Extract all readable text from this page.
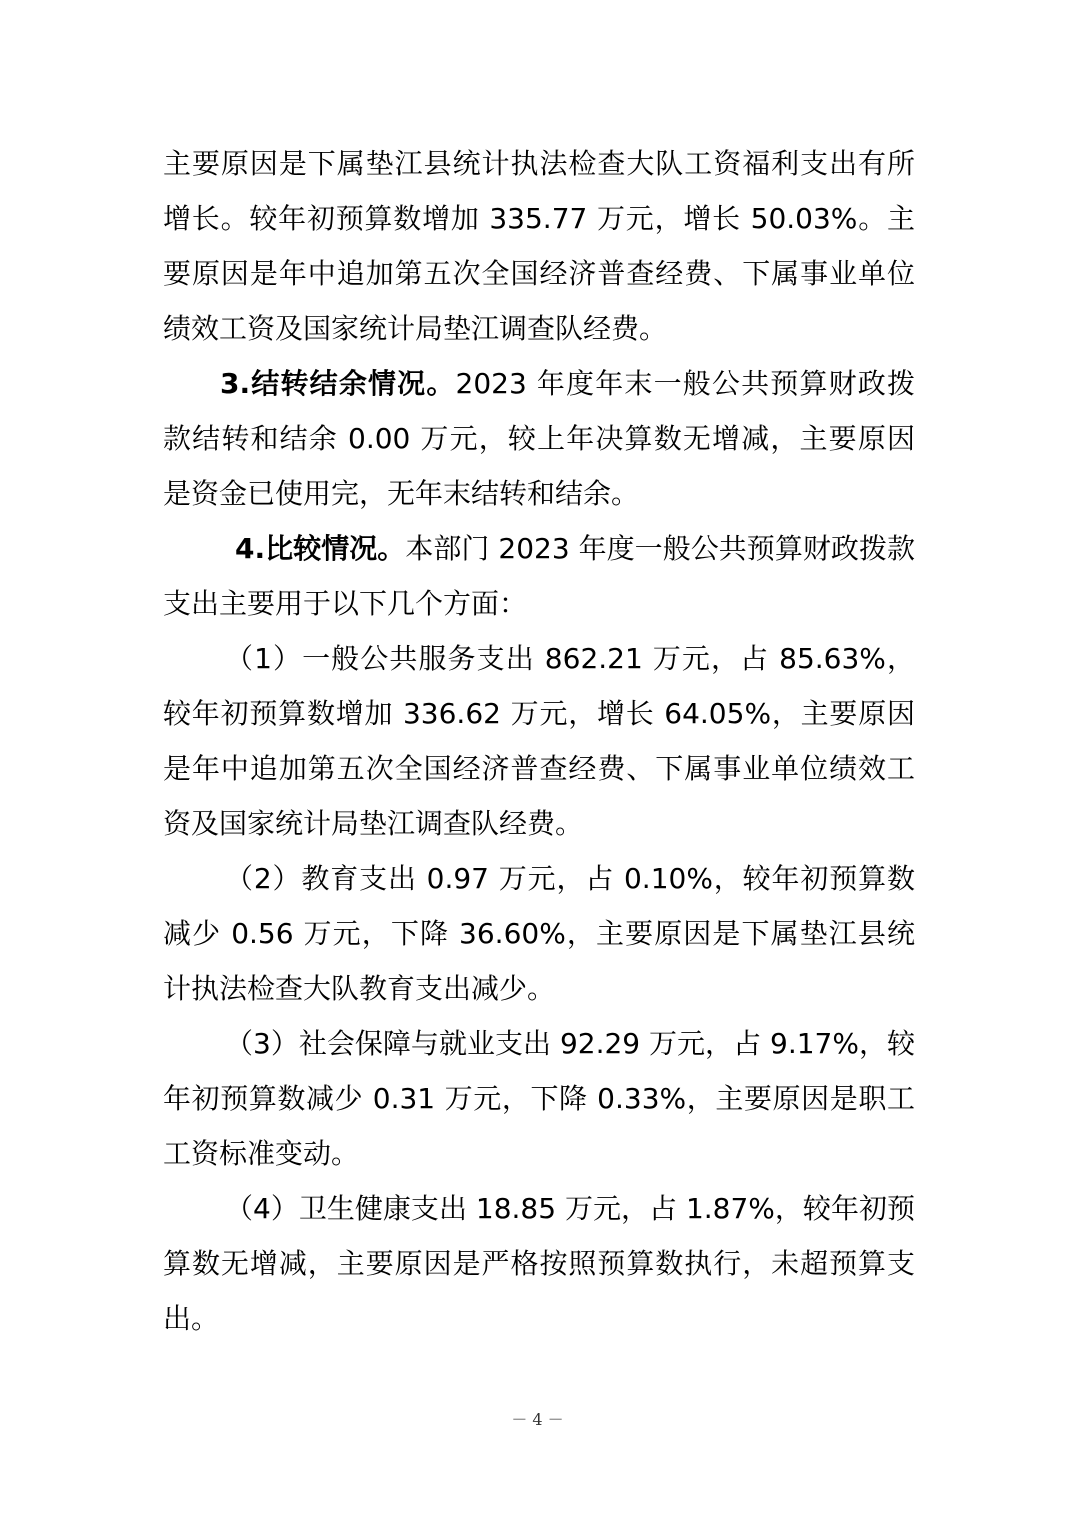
主要原因是下属垫江县统计执法检查大队工资福利支出有所增长。较年初预算数增加 335.77 万元，增长 50.03%。主要原因是年中追加第五次全国经济普查经费、下属事业单位绩效工资及国家统计局垫江调查队经费。

3.结转结余情况。2023 年度年末一般公共预算财政拨款结转和结余 0.00 万元，较上年决算数无增减，主要原因是资金已使用完，无年末结转和结余。

4.比较情况。本部门 2023 年度一般公共预算财政拨款支出主要用于以下几个方面：

（1）一般公共服务支出 862.21 万元，占 85.63%，较年初预算数增加 336.62 万元，增长 64.05%，主要原因是年中追加第五次全国经济普查经费、下属事业单位绩效工资及国家统计局垫江调查队经费。

（2）教育支出 0.97 万元，占 0.10%，较年初预算数减少 0.56 万元，下降 36.60%，主要原因是下属垫江县统计执法检查大队教育支出减少。

（3）社会保障与就业支出 92.29 万元，占 9.17%，较年初预算数减少 0.31 万元，下降 0.33%，主要原因是职工工资标准变动。

（4）卫生健康支出 18.85 万元，占 1.87%，较年初预算数无增减，主要原因是严格按照预算数执行，未超预算支出。

－ 4 －
